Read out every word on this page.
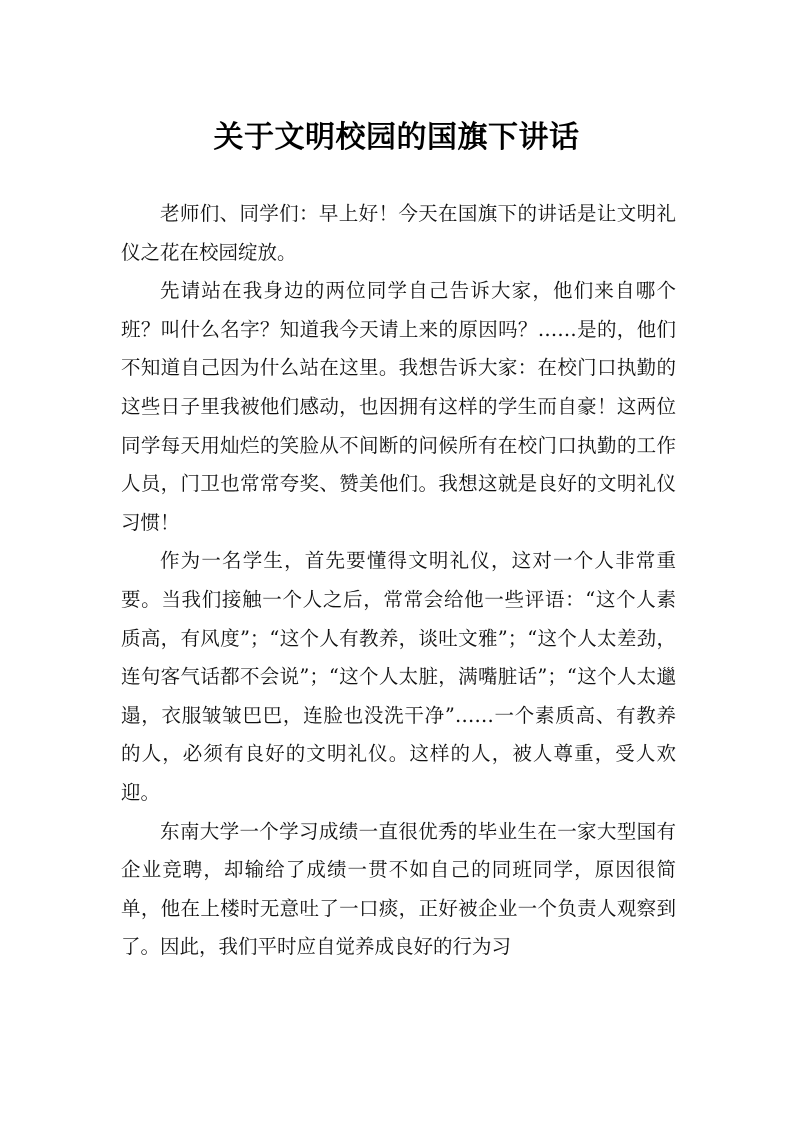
关于文明校园的国旗下讲话

老师们、同学们：早上好！今天在国旗下的讲话是让文明礼仪之花在校园绽放。

先请站在我身边的两位同学自己告诉大家，他们来自哪个班？叫什么名字？知道我今天请上来的原因吗？……是的，他们不知道自己因为什么站在这里。我想告诉大家：在校门口执勤的这些日子里我被他们感动，也因拥有这样的学生而自豪！这两位同学每天用灿烂的笑脸从不间断的问候所有在校门口执勤的工作人员，门卫也常常夸奖、赞美他们。我想这就是良好的文明礼仪习惯！

作为一名学生，首先要懂得文明礼仪，这对一个人非常重要。当我们接触一个人之后，常常会给他一些评语：“这个人素质高，有风度”；“这个人有教养，谈吐文雅”；“这个人太差劲，连句客气话都不会说”；“这个人太脏，满嘴脏话”；“这个人太邋遢，衣服皱皱巴巴，连脸也没洗干净”……一个素质高、有教养的人，必须有良好的文明礼仪。这样的人，被人尊重，受人欢迎。

东南大学一个学习成绩一直很优秀的毕业生在一家大型国有企业竞聘，却输给了成绩一贯不如自己的同班同学，原因很简单，他在上楼时无意吐了一口痰，正好被企业一个负责人观察到了。因此，我们平时应自觉养成良好的行为习
